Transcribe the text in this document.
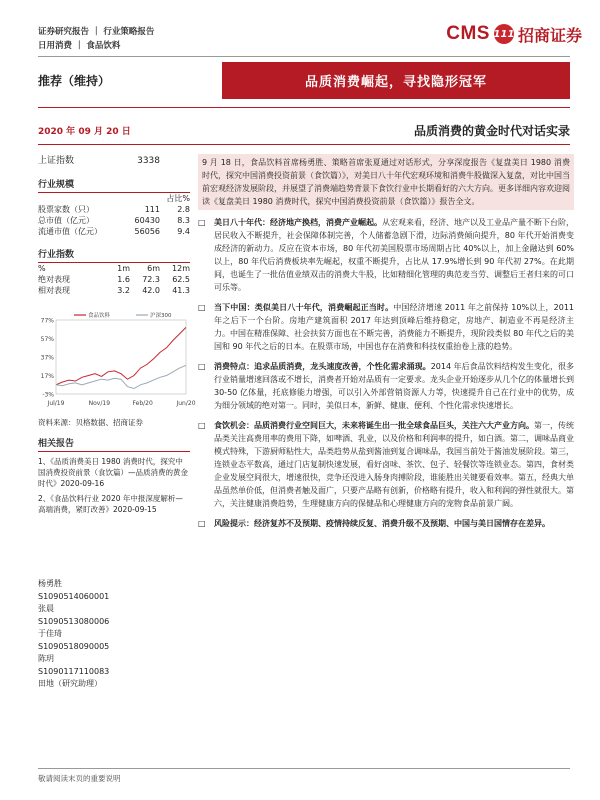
证券研究报告 ｜ 行业策略报告
日用消费 ｜ 食品饮料
CMS 111 招商证券
推荐（维持）	品质消费崛起，寻找隐形冠军
2020 年 09 月 20 日	品质消费的黄金时代对话实录
上证指数	3338
行业规模
占比%
股票家数（只）	111	2.8
总市值（亿元）	60430	8.3
流通市值（亿元）	56056	9.4
行业指数
%	1m	6m	12m
绝对表现	1.6	72.3	62.5
相对表现	3.2	42.0	41.3
77%
57%
37%
17%
-3%
Jul/19	Nov/19	Feb/20	Jun/20
食品饮料	沪深300
资料来源：贝格数据、招商证券
相关报告
1、《品质消费美日 1980 消费时代，探究中国消费投资前景（食饮篇）—品质消费的黄金时代》2020-09-16
2、《食品饮料行业 2020 年中报深度解析—高端消费，紧盯改善》2020-09-15
杨勇胜
S1090514060001
张晨
S1090513080006
于佳琦
S1090518090005
陈玥
S1090117110083
田地（研究助理）
9 月 18 日，食品饮料首席杨勇胜、策略首席张夏通过对话形式，分享深度报告《复盘美日 1980 消费时代，探究中国消费投资前景（食饮篇）》，对美日八十年代宏观环境和消费牛股做深入复盘，对比中国当前宏观经济发展阶段，并展望了消费端趋势背景下食饮行业中长期看好的六大方向。更多详细内容欢迎阅读《复盘美日 1980 消费时代，探究中国消费投资前景（食饮篇）》报告全文。
□	美日八十年代：经济地产换档，消费产业崛起。从宏观来看，经济、地产以及工业品产量不断下台阶，居民收入不断提升，社会保障体制完善，个人储蓄急剧下滑，边际消费倾向提升，80 年代开始消费变成经济的新动力。反应在资本市场，80 年代初美国股票市场周期占比 40%以上，加上金融达到 60%以上，80 年代后消费板块率先崛起，权重不断提升，占比从 17.9%增长到 90 年代初 27%。在此期间，也诞生了一批估值业绩双击的消费大牛股，比如精细化管理的典范麦当劳、调整后王者归来的可口可乐等。
□	当下中国：类似美日八十年代，消费崛起正当时。中国经济增速 2011 年之前保持 10%以上，2011 年之后下一个台阶。房地产建筑面积 2017 年达到顶峰后维持稳定，房地产、制造业不再是经济主力。中国在精准保障、社会扶贫方面也在不断完善，消费能力不断提升，现阶段类似 80 年代之后的美国和 90 年代之后的日本。在股票市场，中国也存在消费和科技权重抬卷上涨的趋势。
□	消费特点：追求品质消费，龙头速度改善，个性化需求涌现。2014 年后食品饮料结构发生变化，很多行业销量增速回落或不增长，消费者开始对品质有一定要求。龙头企业开始逐步从几个亿的体量增长到 30-50 亿体量，托底修能力增强，可以引入外部营销资源人力等，快速提升自己在行业中的优势，成为细分领域的绝对第一。同时，美似日本，新鲜、健康、便利、个性化需求快速增长。
□	食饮机会：品质消费行业空间巨大，未来将诞生出一批全球食品巨头，关注六大产业方向。第一，传统品类关注高费用率的费用下降，如啤酒、乳业，以及价格和利润率的提升，如白酒。第二，调味品商业模式特殊，下游厨师粘性大，品类趋势从盐到酱油到复合调味品，我国当前处于酱油发展阶段。第三，连锁业态平数高，通过门店复制快速发展，看好卤味、茶饮、包子、轻餐饮等连锁业态。第四，食材类企业发展空间很大，增速很快，竞争还没进入肠身肉搏阶段，谁能胜出关键要看效率。第五，经典大单品虽然单价低，但消费者触及面广，只要产品略有创新，价格略有提升，收入和利润的弹性就很大。第六，关注健康消费趋势，生理健康方向的保健品和心理健康方向的宠物食品前景广阔。
□	风险提示：经济复苏不及预期、疫情持续反复、消费升级不及预期、中国与美日国情存在差异。
敬请阅读末页的重要说明
